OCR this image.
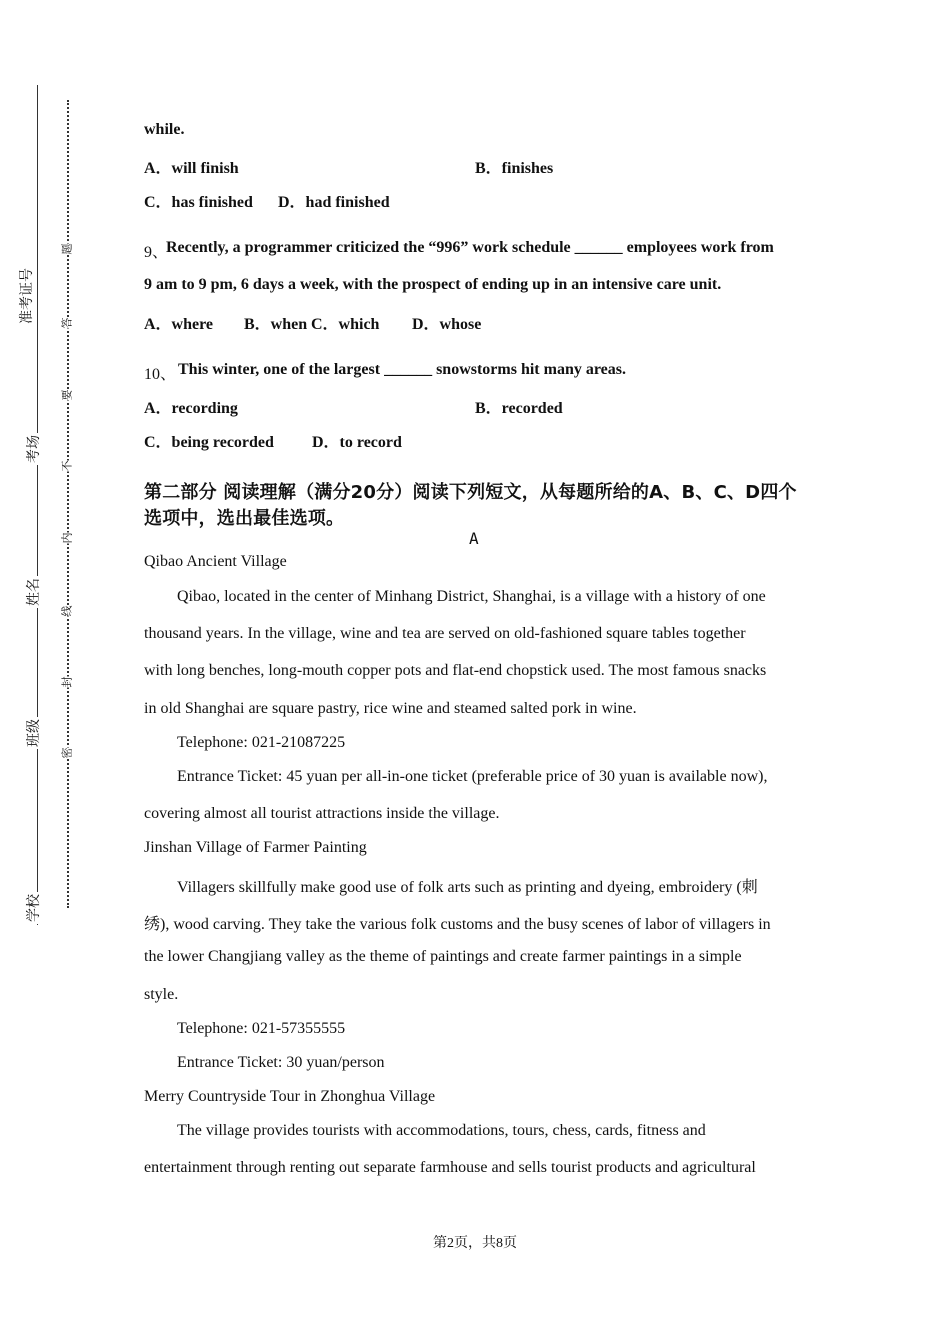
准考证号
考场
姓名
班级
学校
题
答
要
不
内
线
封
密
while.
A．will finish	B．finishes
C．has finished D．had finished
9、
Recently, a programmer criticized the “996” work schedule ______ employees work from
9 am to 9 pm, 6 days a week, with the prospect of ending up in an intensive care unit.
A．where B．when C．which D．whose
10、 This winter, one of the largest ______ snowstorms hit many areas.
A．recording	B．recorded
C．being recorded D．to record
第二部分 阅读理解（满分20分）阅读下列短文，从每题所给的A、B、C、D四个
选项中，选出最佳选项。
A
Qibao Ancient Village
Qibao, located in the center of Minhang District, Shanghai, is a village with a history of one
thousand years. In the village, wine and tea are served on old-fashioned square tables together
with long benches, long-mouth copper pots and flat-end chopstick used. The most famous snacks
in old Shanghai are square pastry, rice wine and steamed salted pork in wine.
Telephone: 021-21087225
Entrance Ticket: 45 yuan per all-in-one ticket (preferable price of 30 yuan is available now),
covering almost all tourist attractions inside the village.
Jinshan Village of Farmer Painting
Villagers skillfully make good use of folk arts such as printing and dyeing, embroidery (刺
绣), wood carving. They take the various folk customs and the busy scenes of labor of villagers in
the lower Changjiang valley as the theme of paintings and create farmer paintings in a simple
style.
Telephone: 021-57355555
Entrance Ticket: 30 yuan/person
Merry Countryside Tour in Zhonghua Village
The village provides tourists with accommodations, tours, chess, cards, fitness and
entertainment through renting out separate farmhouse and sells tourist products and agricultural
第2页，共8页
